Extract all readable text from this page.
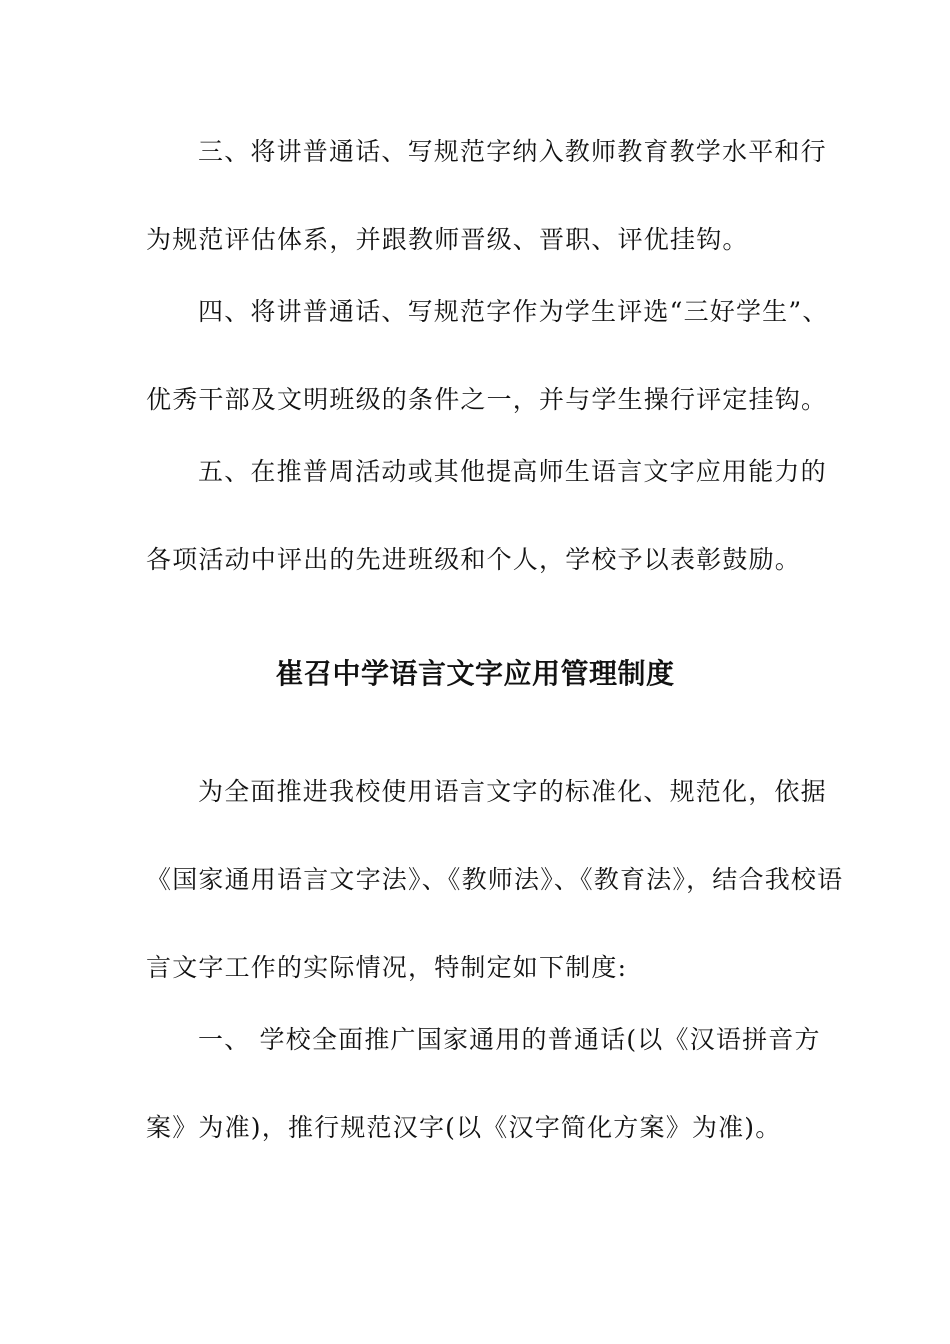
三、将讲普通话、写规范字纳入教师教育教学水平和行
为规范评估体系，并跟教师晋级、晋职、评优挂钩。
四、将讲普通话、写规范字作为学生评选“三好学生”、
优秀干部及文明班级的条件之一，并与学生操行评定挂钩。
五、在推普周活动或其他提高师生语言文字应用能力的
各项活动中评出的先进班级和个人，学校予以表彰鼓励。
崔召中学语言文字应用管理制度
为全面推进我校使用语言文字的标准化、规范化，依据
《国家通用语言文字法》、《教师法》、《教育法》，结合我校语
言文字工作的实际情况，特制定如下制度:
一、 学校全面推广国家通用的普通话(以《汉语拼音方
案》为准)，推行规范汉字(以《汉字简化方案》为准)。
